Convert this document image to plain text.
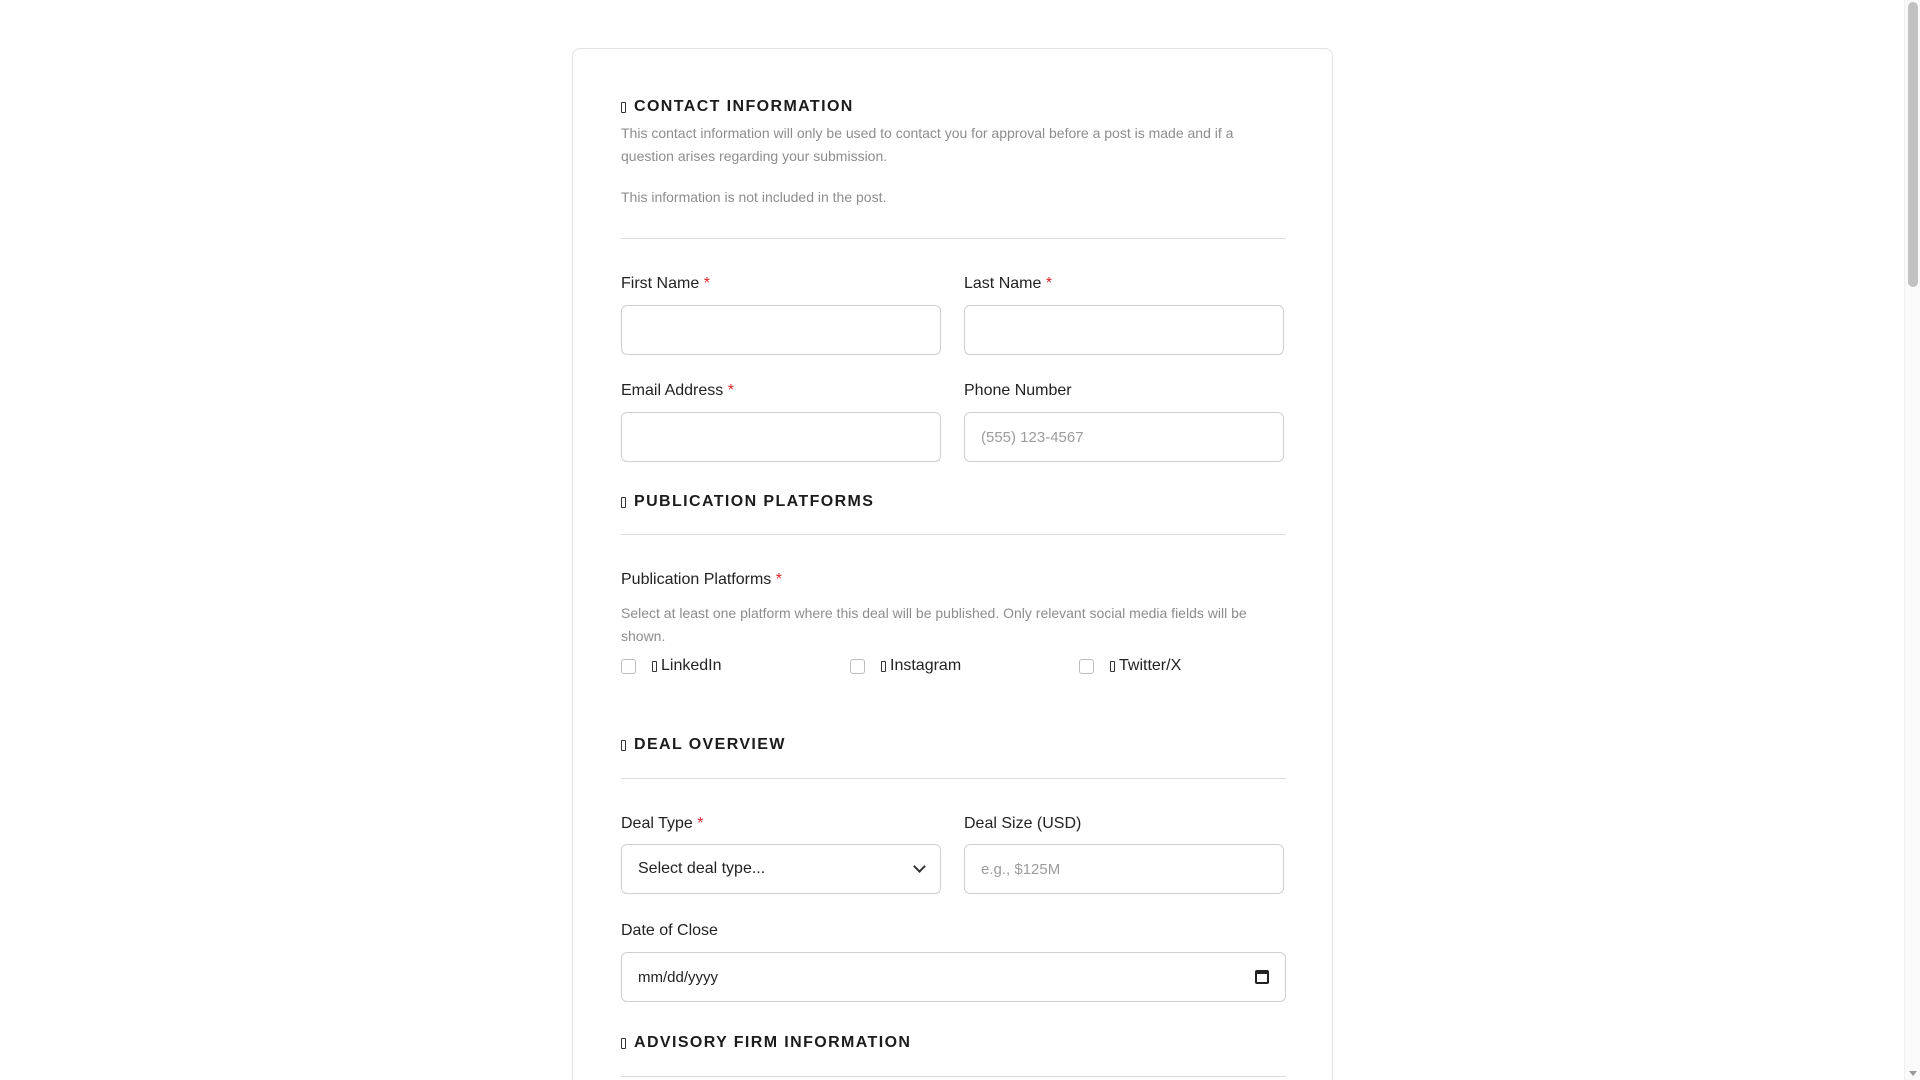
CONTACT INFORMATION
This contact information will only be used to contact you for approval before a post is made and if a question arises regarding your submission.
This information is not included in the post.
First Name *	Last Name *
Email Address *	Phone Number
(555) 123-4567
PUBLICATION PLATFORMS
Publication Platforms *
Select at least one platform where this deal will be published. Only relevant social media fields will be shown.
LinkedIn	Instagram	Twitter/X
DEAL OVERVIEW
Deal Type *
Select deal type...
Deal Size (USD)
e.g., $125M
Date of Close
mm/dd/yyyy
ADVISORY FIRM INFORMATION
